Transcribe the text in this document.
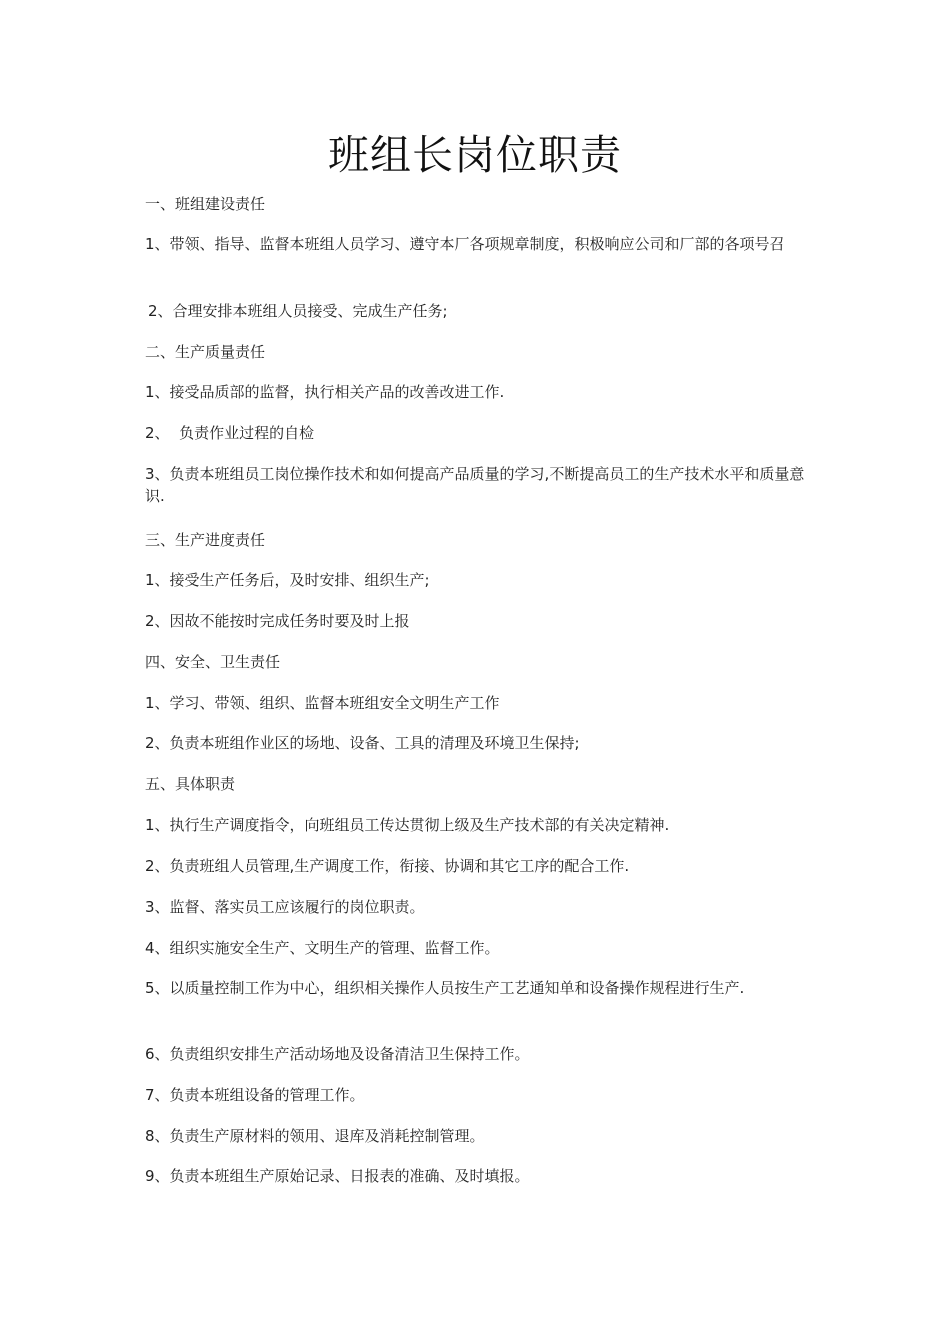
班组长岗位职责

一、班组建设责任

1、带领、指导、监督本班组人员学习、遵守本厂各项规章制度，积极响应公司和厂部的各项号召

2、合理安排本班组人员接受、完成生产任务;

二、生产质量责任

1、接受品质部的监督，执行相关产品的改善改进工作.

2、  负责作业过程的自检

3、负责本班组员工岗位操作技术和如何提高产品质量的学习,不断提高员工的生产技术水平和质量意识.

三、生产进度责任

1、接受生产任务后，及时安排、组织生产;

2、因故不能按时完成任务时要及时上报

四、安全、卫生责任

1、学习、带领、组织、监督本班组安全文明生产工作

2、负责本班组作业区的场地、设备、工具的清理及环境卫生保持;

五、具体职责

1、执行生产调度指令，向班组员工传达贯彻上级及生产技术部的有关决定精神.

2、负责班组人员管理,生产调度工作，衔接、协调和其它工序的配合工作.

3、监督、落实员工应该履行的岗位职责。

4、组织实施安全生产、文明生产的管理、监督工作。

5、以质量控制工作为中心，组织相关操作人员按生产工艺通知单和设备操作规程进行生产.

6、负责组织安排生产活动场地及设备清洁卫生保持工作。

7、负责本班组设备的管理工作。

8、负责生产原材料的领用、退库及消耗控制管理。

9、负责本班组生产原始记录、日报表的准确、及时填报。
